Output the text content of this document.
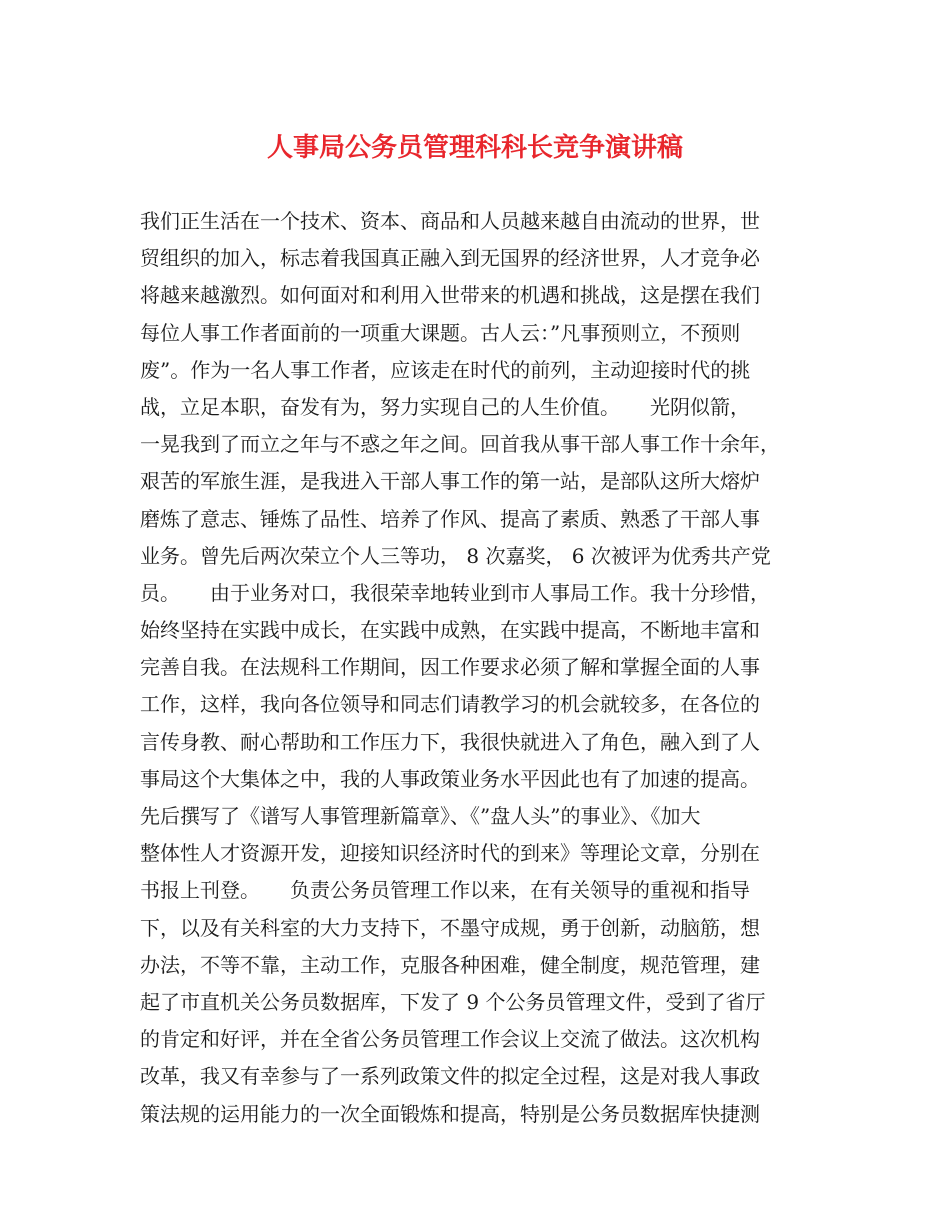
人事局公务员管理科科长竞争演讲稿
我们正生活在一个技术、资本、商品和人员越来越自由流动的世界，世
贸组织的加入，标志着我国真正融入到无国界的经济世界，人才竞争必
将越来越激烈。如何面对和利用入世带来的机遇和挑战，这是摆在我们
每位人事工作者面前的一项重大课题。古人云：”凡事预则立，不预则
废”。作为一名人事工作者，应该走在时代的前列，主动迎接时代的挑
战，立足本职，奋发有为，努力实现自己的人生价值。　　光阴似箭，
一晃我到了而立之年与不惑之年之间。回首我从事干部人事工作十余年，
艰苦的军旅生涯，是我进入干部人事工作的第一站，是部队这所大熔炉
磨炼了意志、锤炼了品性、培养了作风、提高了素质、熟悉了干部人事
业务。曾先后两次荣立个人三等功， 8 次嘉奖， 6 次被评为优秀共产党
员。　　由于业务对口，我很荣幸地转业到市人事局工作。我十分珍惜，
始终坚持在实践中成长，在实践中成熟，在实践中提高，不断地丰富和
完善自我。在法规科工作期间，因工作要求必须了解和掌握全面的人事
工作，这样，我向各位领导和同志们请教学习的机会就较多，在各位的
言传身教、耐心帮助和工作压力下，我很快就进入了角色，融入到了人
事局这个大集体之中，我的人事政策业务水平因此也有了加速的提高。
先后撰写了《谱写人事管理新篇章》、《”盘人头”的事业》、《加大
整体性人才资源开发，迎接知识经济时代的到来》等理论文章，分别在
书报上刊登。　　负责公务员管理工作以来，在有关领导的重视和指导
下，以及有关科室的大力支持下，不墨守成规，勇于创新，动脑筋，想
办法，不等不靠，主动工作，克服各种困难，健全制度，规范管理，建
起了市直机关公务员数据库，下发了 9 个公务员管理文件，受到了省厅
的肯定和好评，并在全省公务员管理工作会议上交流了做法。这次机构
改革，我又有幸参与了一系列政策文件的拟定全过程，这是对我人事政
策法规的运用能力的一次全面锻炼和提高，特别是公务员数据库快捷测
